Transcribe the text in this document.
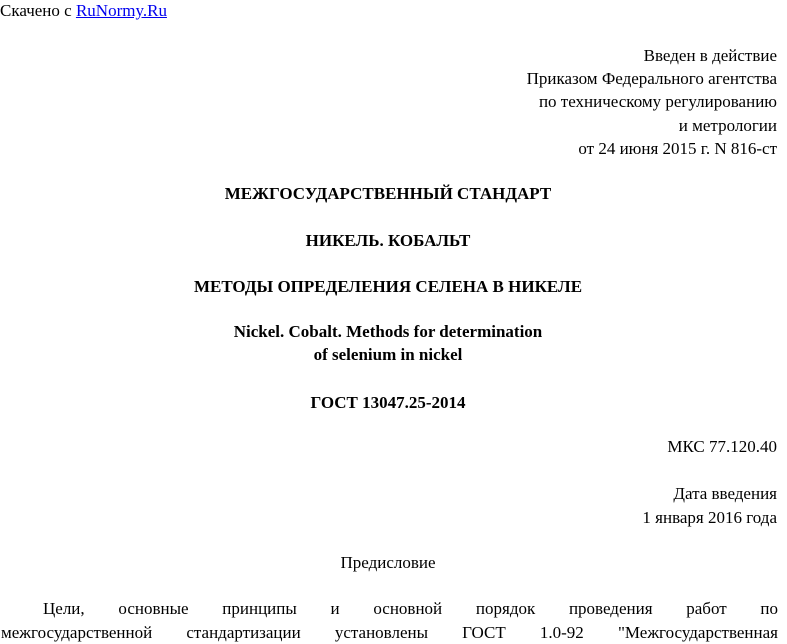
Скачено с RuNormy.Ru

Введен в действие
Приказом Федерального агентства
по техническому регулированию
и метрологии
от 24 июня 2015 г. N 816-ст

МЕЖГОСУДАРСТВЕННЫЙ СТАНДАРТ

НИКЕЛЬ. КОБАЛЬТ

МЕТОДЫ ОПРЕДЕЛЕНИЯ СЕЛЕНА В НИКЕЛЕ

Nickel. Cobalt. Methods for determination
of selenium in nickel

ГОСТ 13047.25-2014

МКС 77.120.40

Дата введения
1 января 2016 года

Предисловие

Цели, основные принципы и основной порядок проведения работ по
межгосударственной стандартизации установлены ГОСТ 1.0-92 "Межгосударственная
